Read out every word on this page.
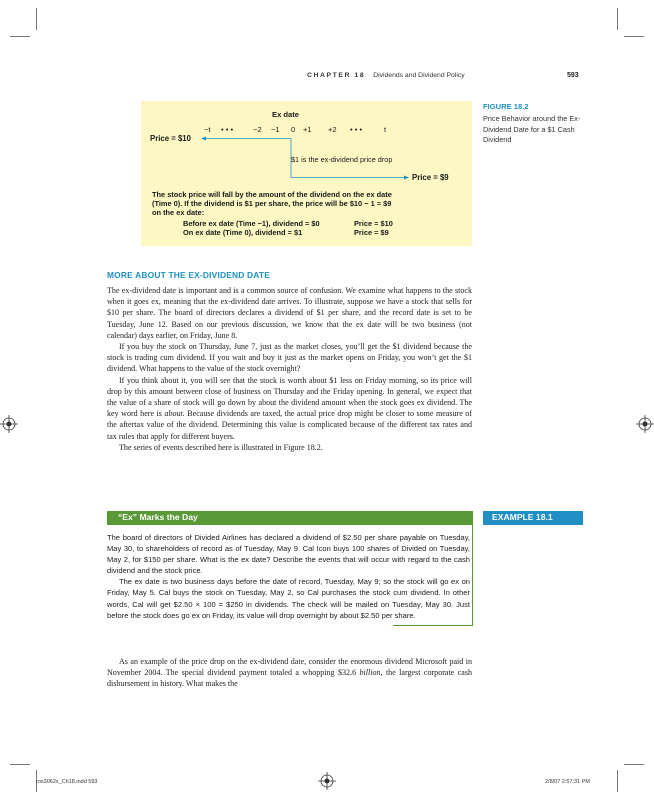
CHAPTER 18 Dividends and Dividend Policy	593
Ex date
−t • • •	−2 −1 0 +1 +2 • • •	t
Price = $10
$1 is the ex-dividend price drop
Price = $9
The stock price will fall by the amount of the dividend on the ex date
(Time 0). If the dividend is $1 per share, the price will be $10 − 1 = $9
on the ex date:
Before ex date (Time −1), dividend = $0	Price = $10
On ex date (Time 0), dividend = $1	Price = $9
FIGURE 18.2
Price Behavior around the Ex-Dividend Date for a $1 Cash Dividend
MORE ABOUT THE EX-DIVIDEND DATE

The ex-dividend date is important and is a common source of confusion. We examine what happens to the stock when it goes ex, meaning that the ex-dividend date arrives. To illustrate, suppose we have a stock that sells for $10 per share. The board of directors declares a dividend of $1 per share, and the record date is set to be Tuesday, June 12. Based on our previous discussion, we know that the ex date will be two business (not calendar) days earlier, on Friday, June 8.

If you buy the stock on Thursday, June 7, just as the market closes, you’ll get the $1 dividend because the stock is trading cum dividend. If you wait and buy it just as the market opens on Friday, you won’t get the $1 dividend. What happens to the value of the stock overnight?

If you think about it, you will see that the stock is worth about $1 less on Friday morning, so its price will drop by this amount between close of business on Thursday and the Friday opening. In general, we expect that the value of a share of stock will go down by about the dividend amount when the stock goes ex dividend. The key word here is about. Because dividends are taxed, the actual price drop might be closer to some measure of the aftertax value of the dividend. Determining this value is complicated because of the different tax rates and tax rules that apply for different buyers.

The series of events described here is illustrated in Figure 18.2.

“Ex” Marks the Day	EXAMPLE 18.1

The board of directors of Divided Airlines has declared a dividend of $2.50 per share payable on Tuesday, May 30, to shareholders of record as of Tuesday, May 9. Cal Icon buys 100 shares of Divided on Tuesday, May 2, for $150 per share. What is the ex date? Describe the events that will occur with regard to the cash dividend and the stock price.

The ex date is two business days before the date of record, Tuesday, May 9; so the stock will go ex on Friday, May 5. Cal buys the stock on Tuesday, May 2, so Cal purchases the stock cum dividend. In other words, Cal will get $2.50 × 100 = $250 in dividends. The check will be mailed on Tuesday, May 30. Just before the stock does go ex on Friday, its value will drop overnight by about $2.50 per share.

As an example of the price drop on the ex-dividend date, consider the enormous dividend Microsoft paid in November 2004. The special dividend payment totaled a whopping $32.6 billion, the largest corporate cash disbursement in history. What makes the

ros3062x_Ch18.indd 593	2/8/07 2:57:31 PM
